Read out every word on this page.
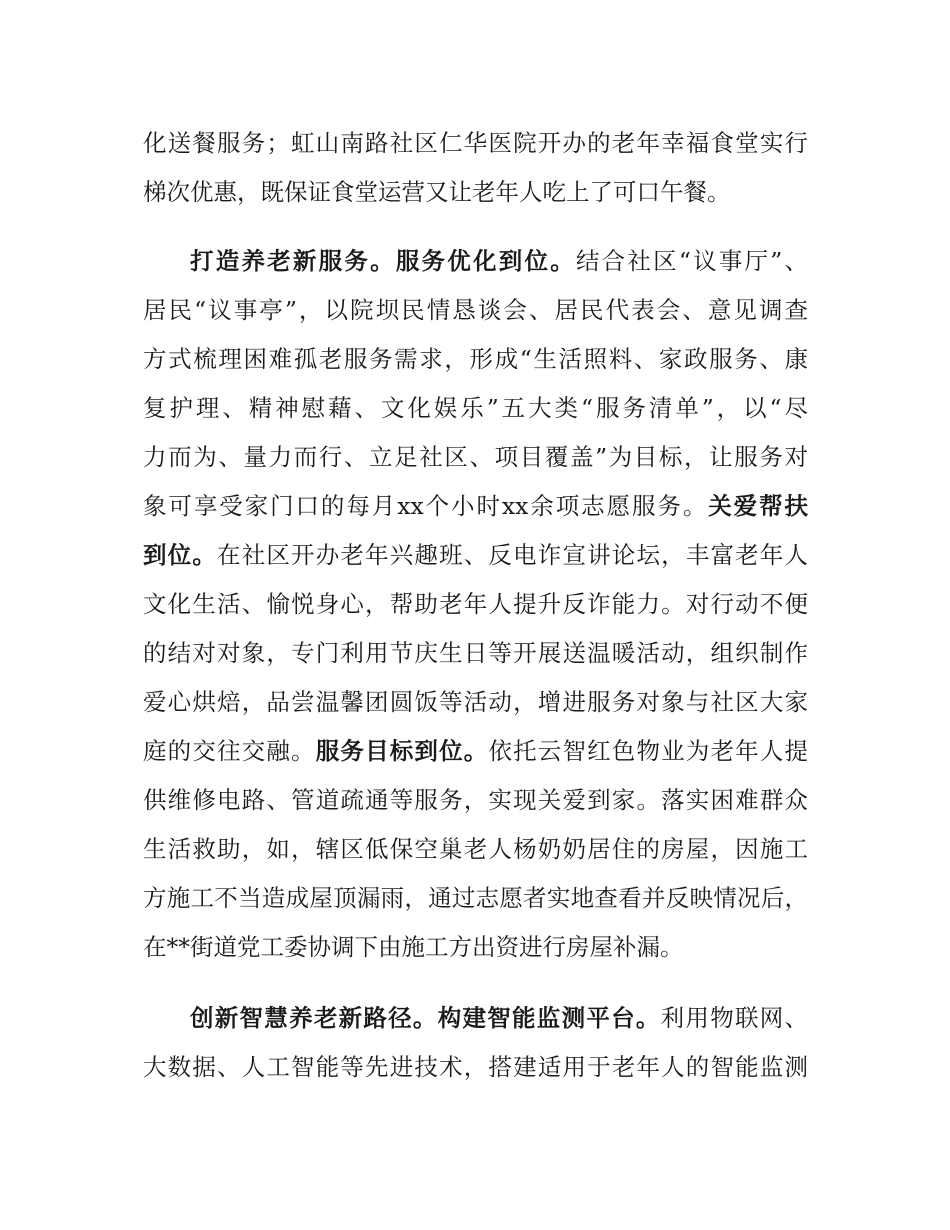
化送餐服务；虹山南路社区仁华医院开办的老年幸福食堂实行
梯次优惠，既保证食堂运营又让老年人吃上了可口午餐。
打造养老新服务。服务优化到位。结合社区“议事厅”、
居民“议事亭”，以院坝民情恳谈会、居民代表会、意见调查
方式梳理困难孤老服务需求，形成“生活照料、家政服务、康
复护理、精神慰藉、文化娱乐”五大类“服务清单”，以“尽
力而为、量力而行、立足社区、项目覆盖”为目标，让服务对
象可享受家门口的每月xx个小时xx余项志愿服务。关爱帮扶
到位。在社区开办老年兴趣班、反电诈宣讲论坛，丰富老年人
文化生活、愉悦身心，帮助老年人提升反诈能力。对行动不便
的结对对象，专门利用节庆生日等开展送温暖活动，组织制作
爱心烘焙，品尝温馨团圆饭等活动，增进服务对象与社区大家
庭的交往交融。服务目标到位。依托云智红色物业为老年人提
供维修电路、管道疏通等服务，实现关爱到家。落实困难群众
生活救助，如，辖区低保空巢老人杨奶奶居住的房屋，因施工
方施工不当造成屋顶漏雨，通过志愿者实地查看并反映情况后，
在**街道党工委协调下由施工方出资进行房屋补漏。
创新智慧养老新路径。构建智能监测平台。利用物联网、
大数据、人工智能等先进技术，搭建适用于老年人的智能监测
